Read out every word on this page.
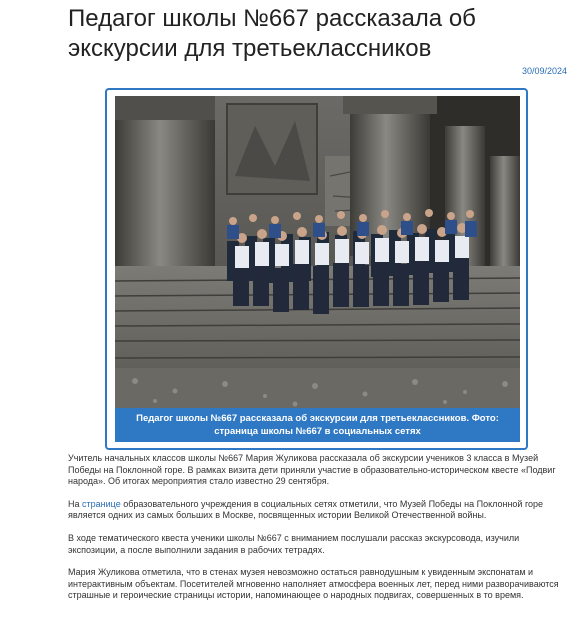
Педагог школы №667 рассказала об экскурсии для третьеклассников
30/09/2024
Педагог школы №667 рассказала об экскурсии для третьеклассников. Фото: страница школы №667 в социальных сетях

Учитель начальных классов школы №667 Мария Жуликова рассказала об экскурсии учеников 3 класса в Музей Победы на Поклонной горе. В рамках визита дети приняли участие в образовательно-историческом квесте «Подвиг народа». Об итогах мероприятия стало известно 29 сентября.

На странице образовательного учреждения в социальных сетях отметили, что Музей Победы на Поклонной горе является одних из самых больших в Москве, посвященных истории Великой Отечественной войны.

В ходе тематического квеста ученики школы №667 с вниманием послушали рассказ экскурсовода, изучили экспозиции, а после выполнили задания в рабочих тетрадях.

Мария Жуликова отметила, что в стенах музея невозможно остаться равнодушным к увиденным экспонатам и интерактивным объектам. Посетителей мгновенно наполняет атмосфера военных лет, перед ними разворачиваются страшные и героические страницы истории, напоминающее о народных подвигах, совершенных в то время.
